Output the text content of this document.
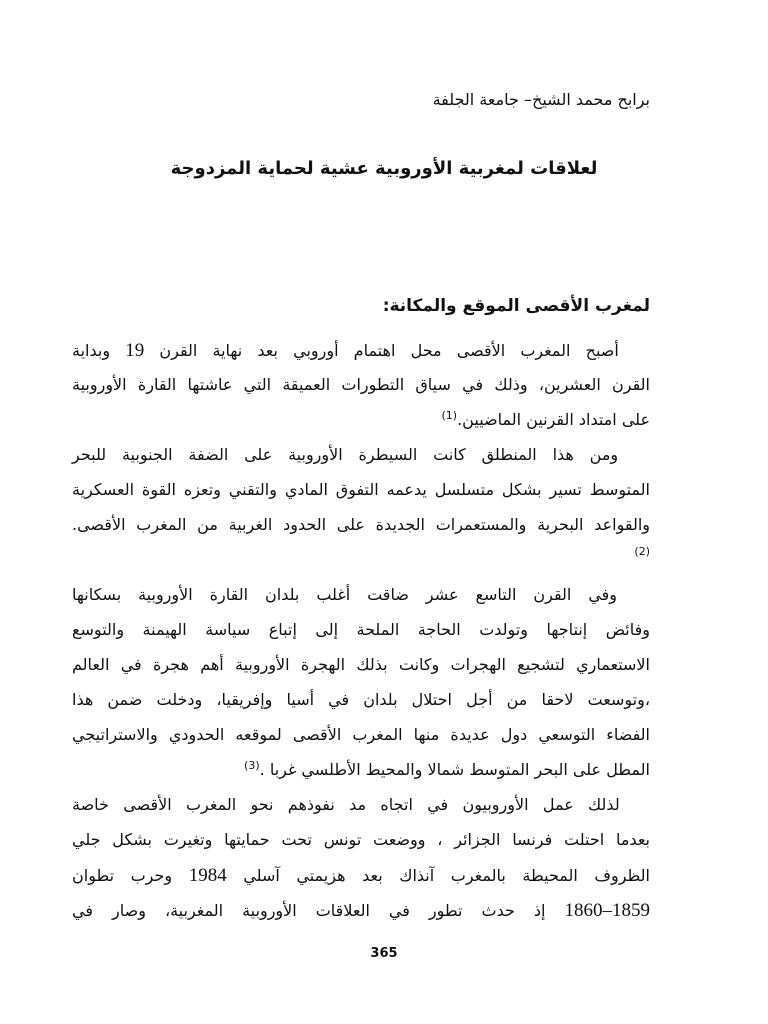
برابح محمد الشيخ– جامعة الجلفة
لعلاقات لمغربية الأوروبية عشية لحماية المزدوجة
لمغرب الأقصى الموقع والمكانة:
  أصبح المغرب الأقصى محل اهتمام أوروبي بعد نهاية القرن 19 وبداية
القرن العشرين، وذلك في سياق التطورات العميقة التي عاشتها القارة الأوروبية
على امتداد القرنين الماضيين.$^{(1)}$
  ومن هذا المنطلق كانت السيطرة الأوروبية على الضفة الجنوبية للبحر
المتوسط تسير بشكل متسلسل يدعمه التفوق المادي والتقني وتعزه القوة العسكرية
والقواعد البحرية والمستعمرات الجديدة على الحدود الغربية من المغرب الأقصى.
(2)
  وفي القرن التاسع عشر ضاقت أغلب بلدان القارة الأوروبية بسكانها
وفائض إنتاجها وتولدت الحاجة الملحة إلى إتباع سياسة الهيمنة والتوسع
الاستعماري لتشجيع الهجرات وكانت بذلك الهجرة الأوروبية أهم هجرة في العالم
،وتوسعت لاحقا من أجل احتلال بلدان في أسيا وإفريقيا، ودخلت ضمن هذا
الفضاء التوسعي دول عديدة منها المغرب الأقصى لموقعه الحدودي والاستراتيجي
المطل على البحر المتوسط شمالا والمحيط الأطلسي غربا .$^{(3)}$
  لذلك عمل الأوروبيون في اتجاه مد نفوذهم نحو المغرب الأقصى خاصة
بعدما احتلت فرنسا الجزائر ، ووضعت تونس تحت حمايتها وتغيرت بشكل جلي
الظروف المحيطة بالمغرب آنذاك بعد هزيمتي آسلي 1984 وحرب تطوان
1859–1860 إذ حدث تطور في العلاقات الأوروبية المغربية، وصار في
365
